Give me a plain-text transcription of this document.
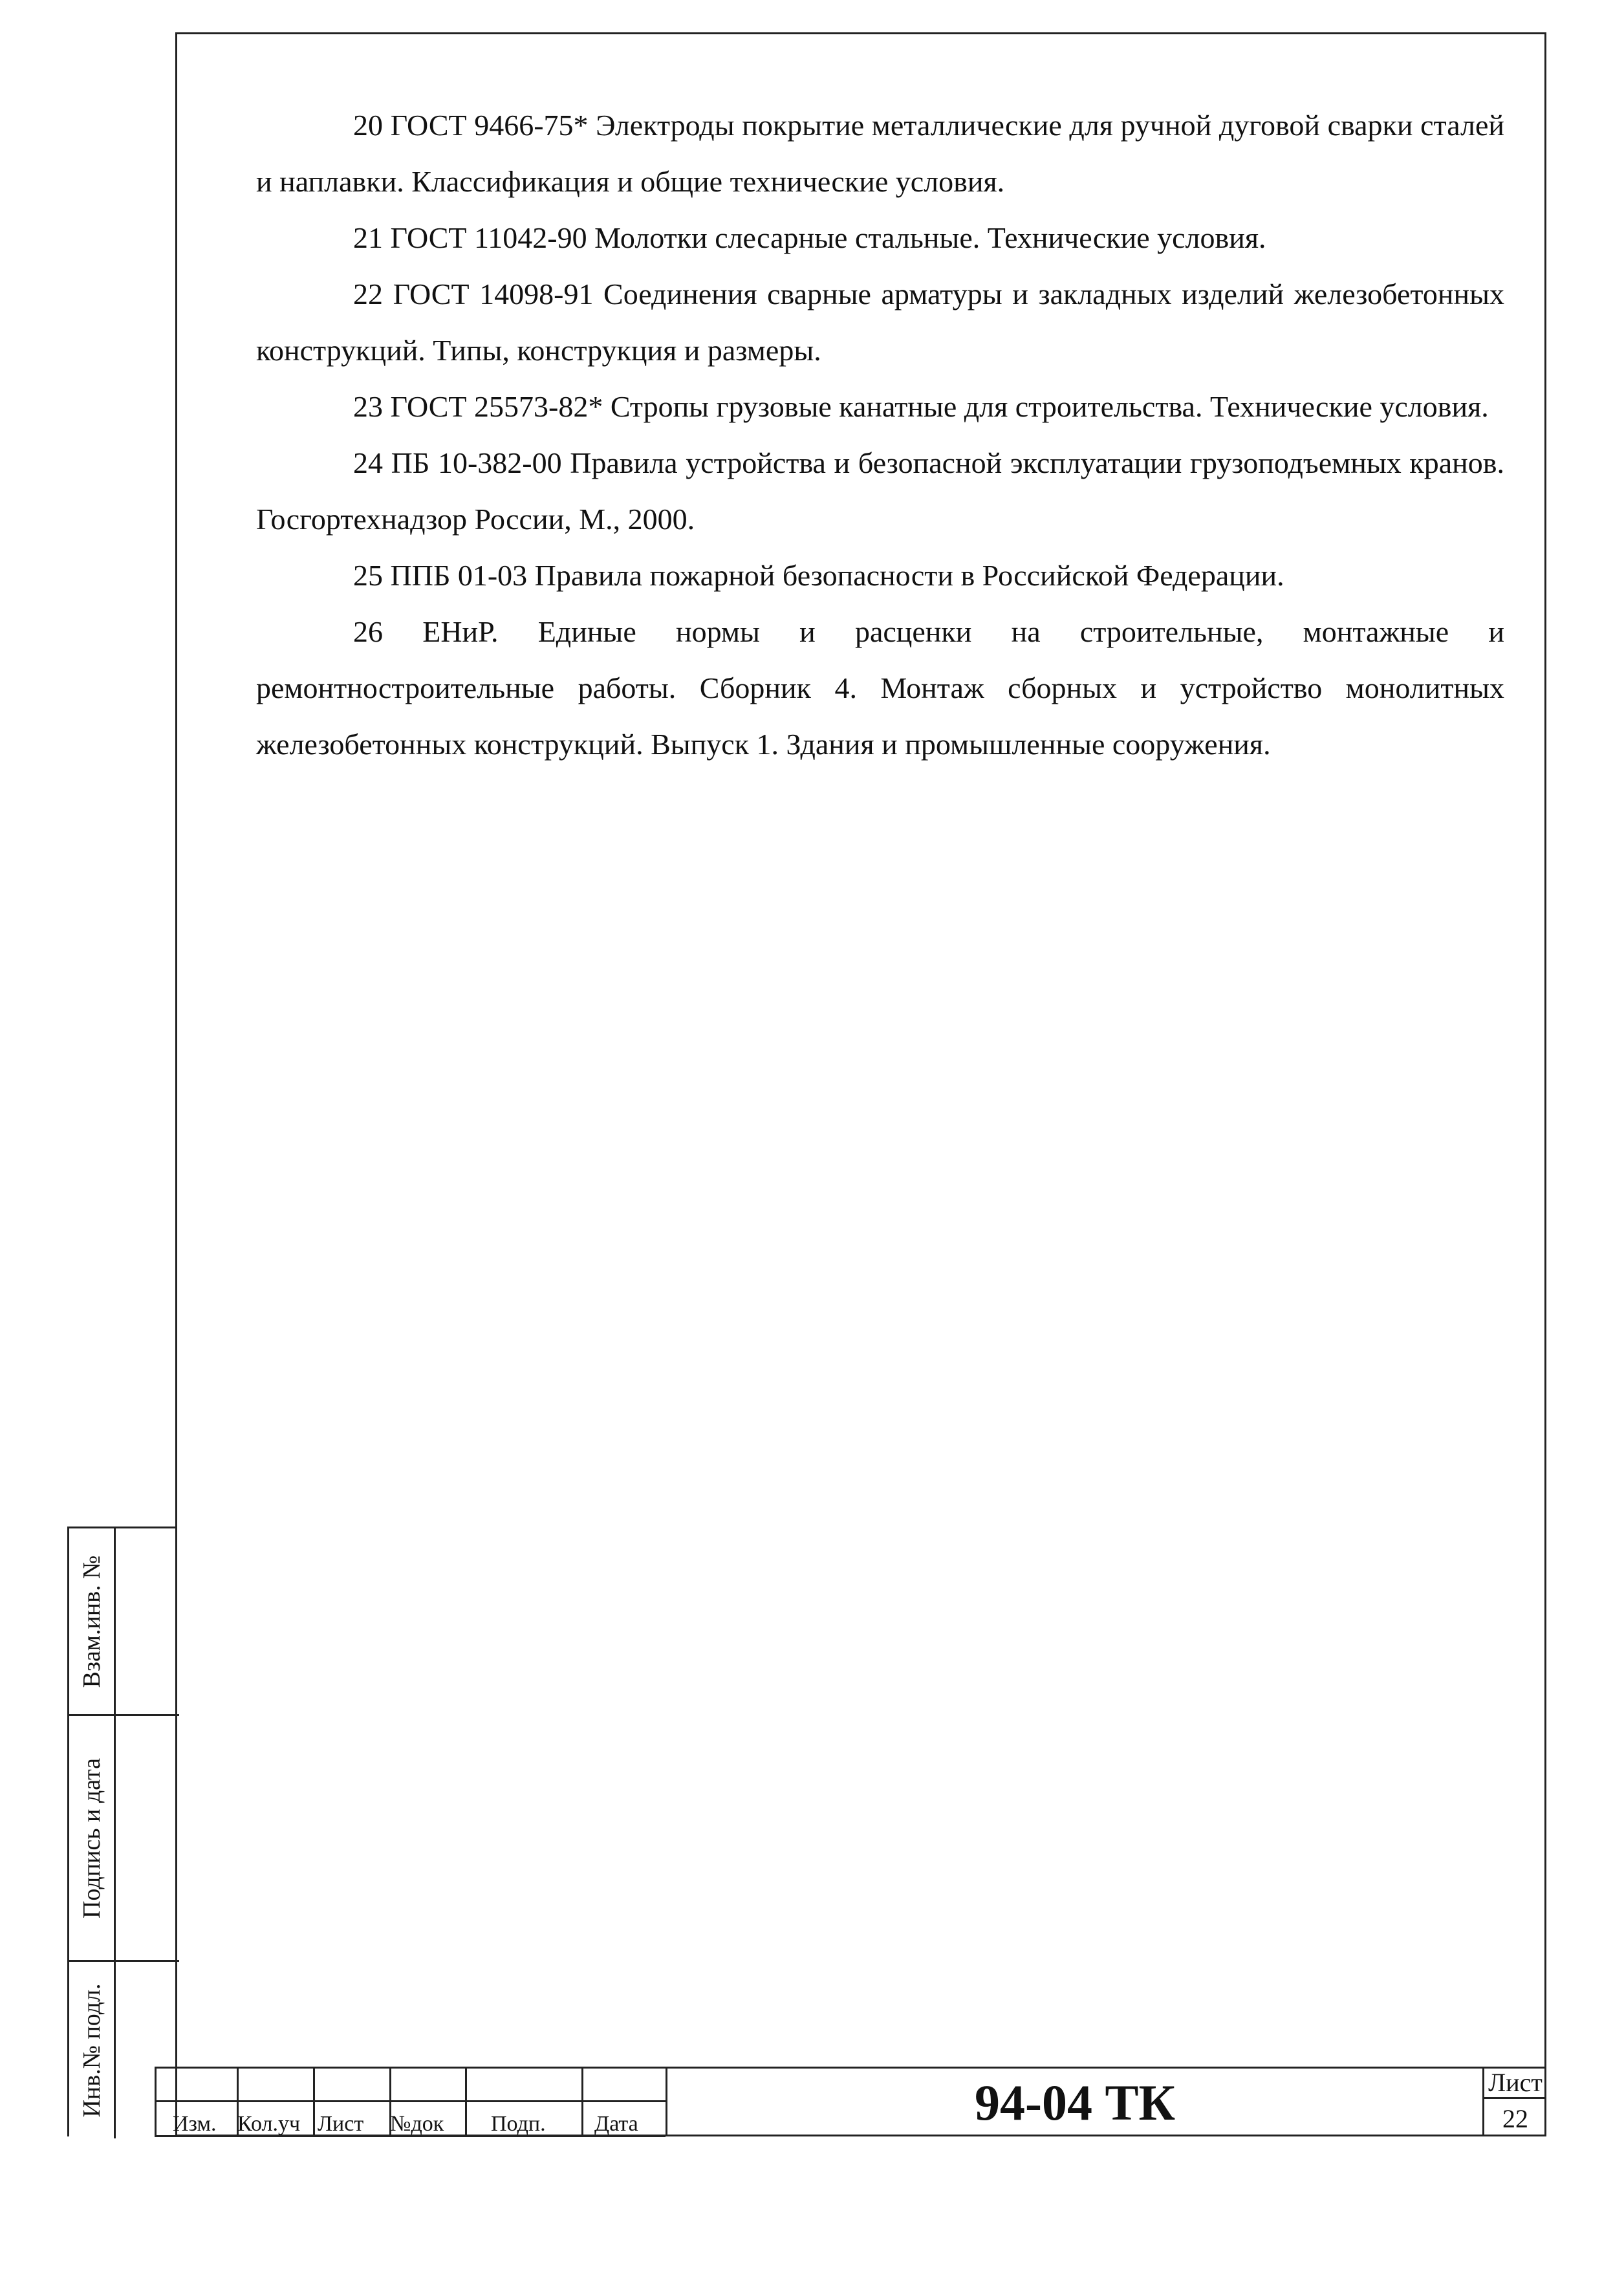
20 ГОСТ 9466-75* Электроды покрытие металлические для ручной дуговой сварки сталей и наплавки. Классификация и общие технические условия.

21 ГОСТ 11042-90 Молотки слесарные стальные. Технические условия.

22 ГОСТ 14098-91 Соединения сварные арматуры и закладных изделий железобетонных конструкций. Типы, конструкция и размеры.

23 ГОСТ 25573-82* Стропы грузовые канатные для строительства. Технические условия.

24 ПБ 10-382-00 Правила устройства и безопасной эксплуатации грузоподъемных кранов. Госгортехнадзор России, М., 2000.

25 ППБ 01-03 Правила пожарной безопасности в Российской Федерации.

26 ЕНиР. Единые нормы и расценки на строительные, монтажные и ремонтностроительные работы. Сборник 4. Монтаж сборных и устройство монолитных железобетонных конструкций. Выпуск 1. Здания и промышленные сооружения.

Взам.инв. №
Подпись и дата
Инв.№ подл.
Изм. Кол.уч Лист №док Подп. Дата	94-04 ТК	Лист
22
